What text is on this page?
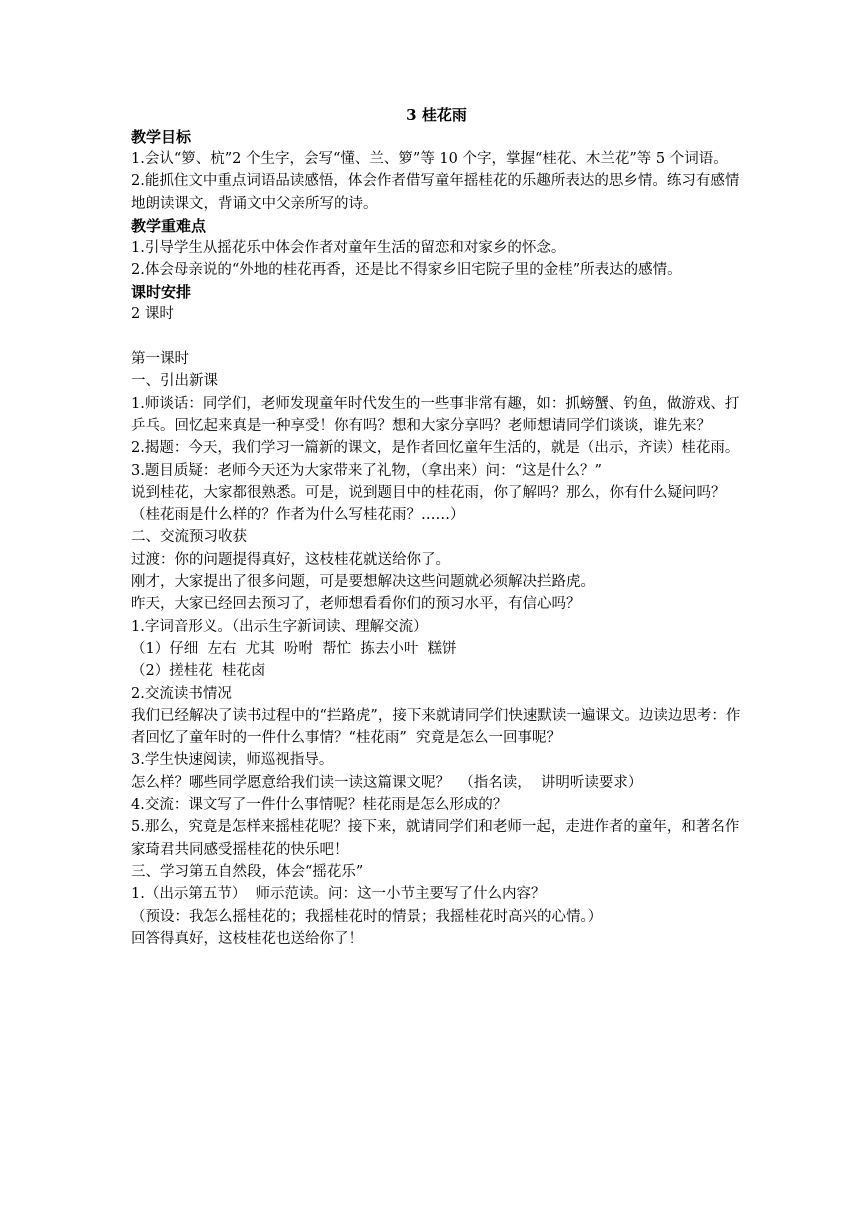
3 桂花雨
教学目标

1.会认“箩、杭”2 个生字，会写“懂、兰、箩”等 10 个字，掌握“桂花、木兰花”等 5 个词语。

2.能抓住文中重点词语品读感悟，体会作者借写童年摇桂花的乐趣所表达的思乡情。练习有感情地朗读课文，背诵文中父亲所写的诗。

教学重难点

1.引导学生从摇花乐中体会作者对童年生活的留恋和对家乡的怀念。

2.体会母亲说的“外地的桂花再香，还是比不得家乡旧宅院子里的金桂”所表达的感情。

课时安排

2 课时

第一课时

一、引出新课

1.师谈话：同学们，老师发现童年时代发生的一些事非常有趣，如：抓螃蟹、钓鱼，做游戏、打乒乓。回忆起来真是一种享受！你有吗？想和大家分享吗？老师想请同学们谈谈，谁先来？

2.揭题：今天，我们学习一篇新的课文，是作者回忆童年生活的，就是（出示，齐读）桂花雨。

3.题目质疑：老师今天还为大家带来了礼物，（拿出来）问：“这是什么？”

说到桂花，大家都很熟悉。可是，说到题目中的桂花雨，你了解吗？那么，你有什么疑问吗？

（桂花雨是什么样的？作者为什么写桂花雨？……）

二、交流预习收获

过渡：你的问题提得真好，这枝桂花就送给你了。

刚才，大家提出了很多问题，可是要想解决这些问题就必须解决拦路虎。

昨天，大家已经回去预习了，老师想看看你们的预习水平，有信心吗？

1.字词音形义。（出示生字新词读、理解交流）

（1）仔细  左右  尤其  吩咐  帮忙  拣去小叶  糕饼

（2）搓桂花  桂花卤

2.交流读书情况

我们已经解决了读书过程中的“拦路虎”，接下来就请同学们快速默读一遍课文。边读边思考：作者回忆了童年时的一件什么事情？“桂花雨”  究竟是怎么一回事呢？

3.学生快速阅读，师巡视指导。

怎么样？哪些同学愿意给我们读一读这篇课文呢？  （指名读，  讲明听读要求）

4.交流：课文写了一件什么事情呢？桂花雨是怎么形成的？

5.那么，究竟是怎样来摇桂花呢？接下来，就请同学们和老师一起，走进作者的童年，和著名作家琦君共同感受摇桂花的快乐吧！

三、学习第五自然段，体会“摇花乐”

1.（出示第五节）  师示范读。问：这一小节主要写了什么内容？

（预设：我怎么摇桂花的；我摇桂花时的情景；我摇桂花时高兴的心情。）

回答得真好，这枝桂花也送给你了！
